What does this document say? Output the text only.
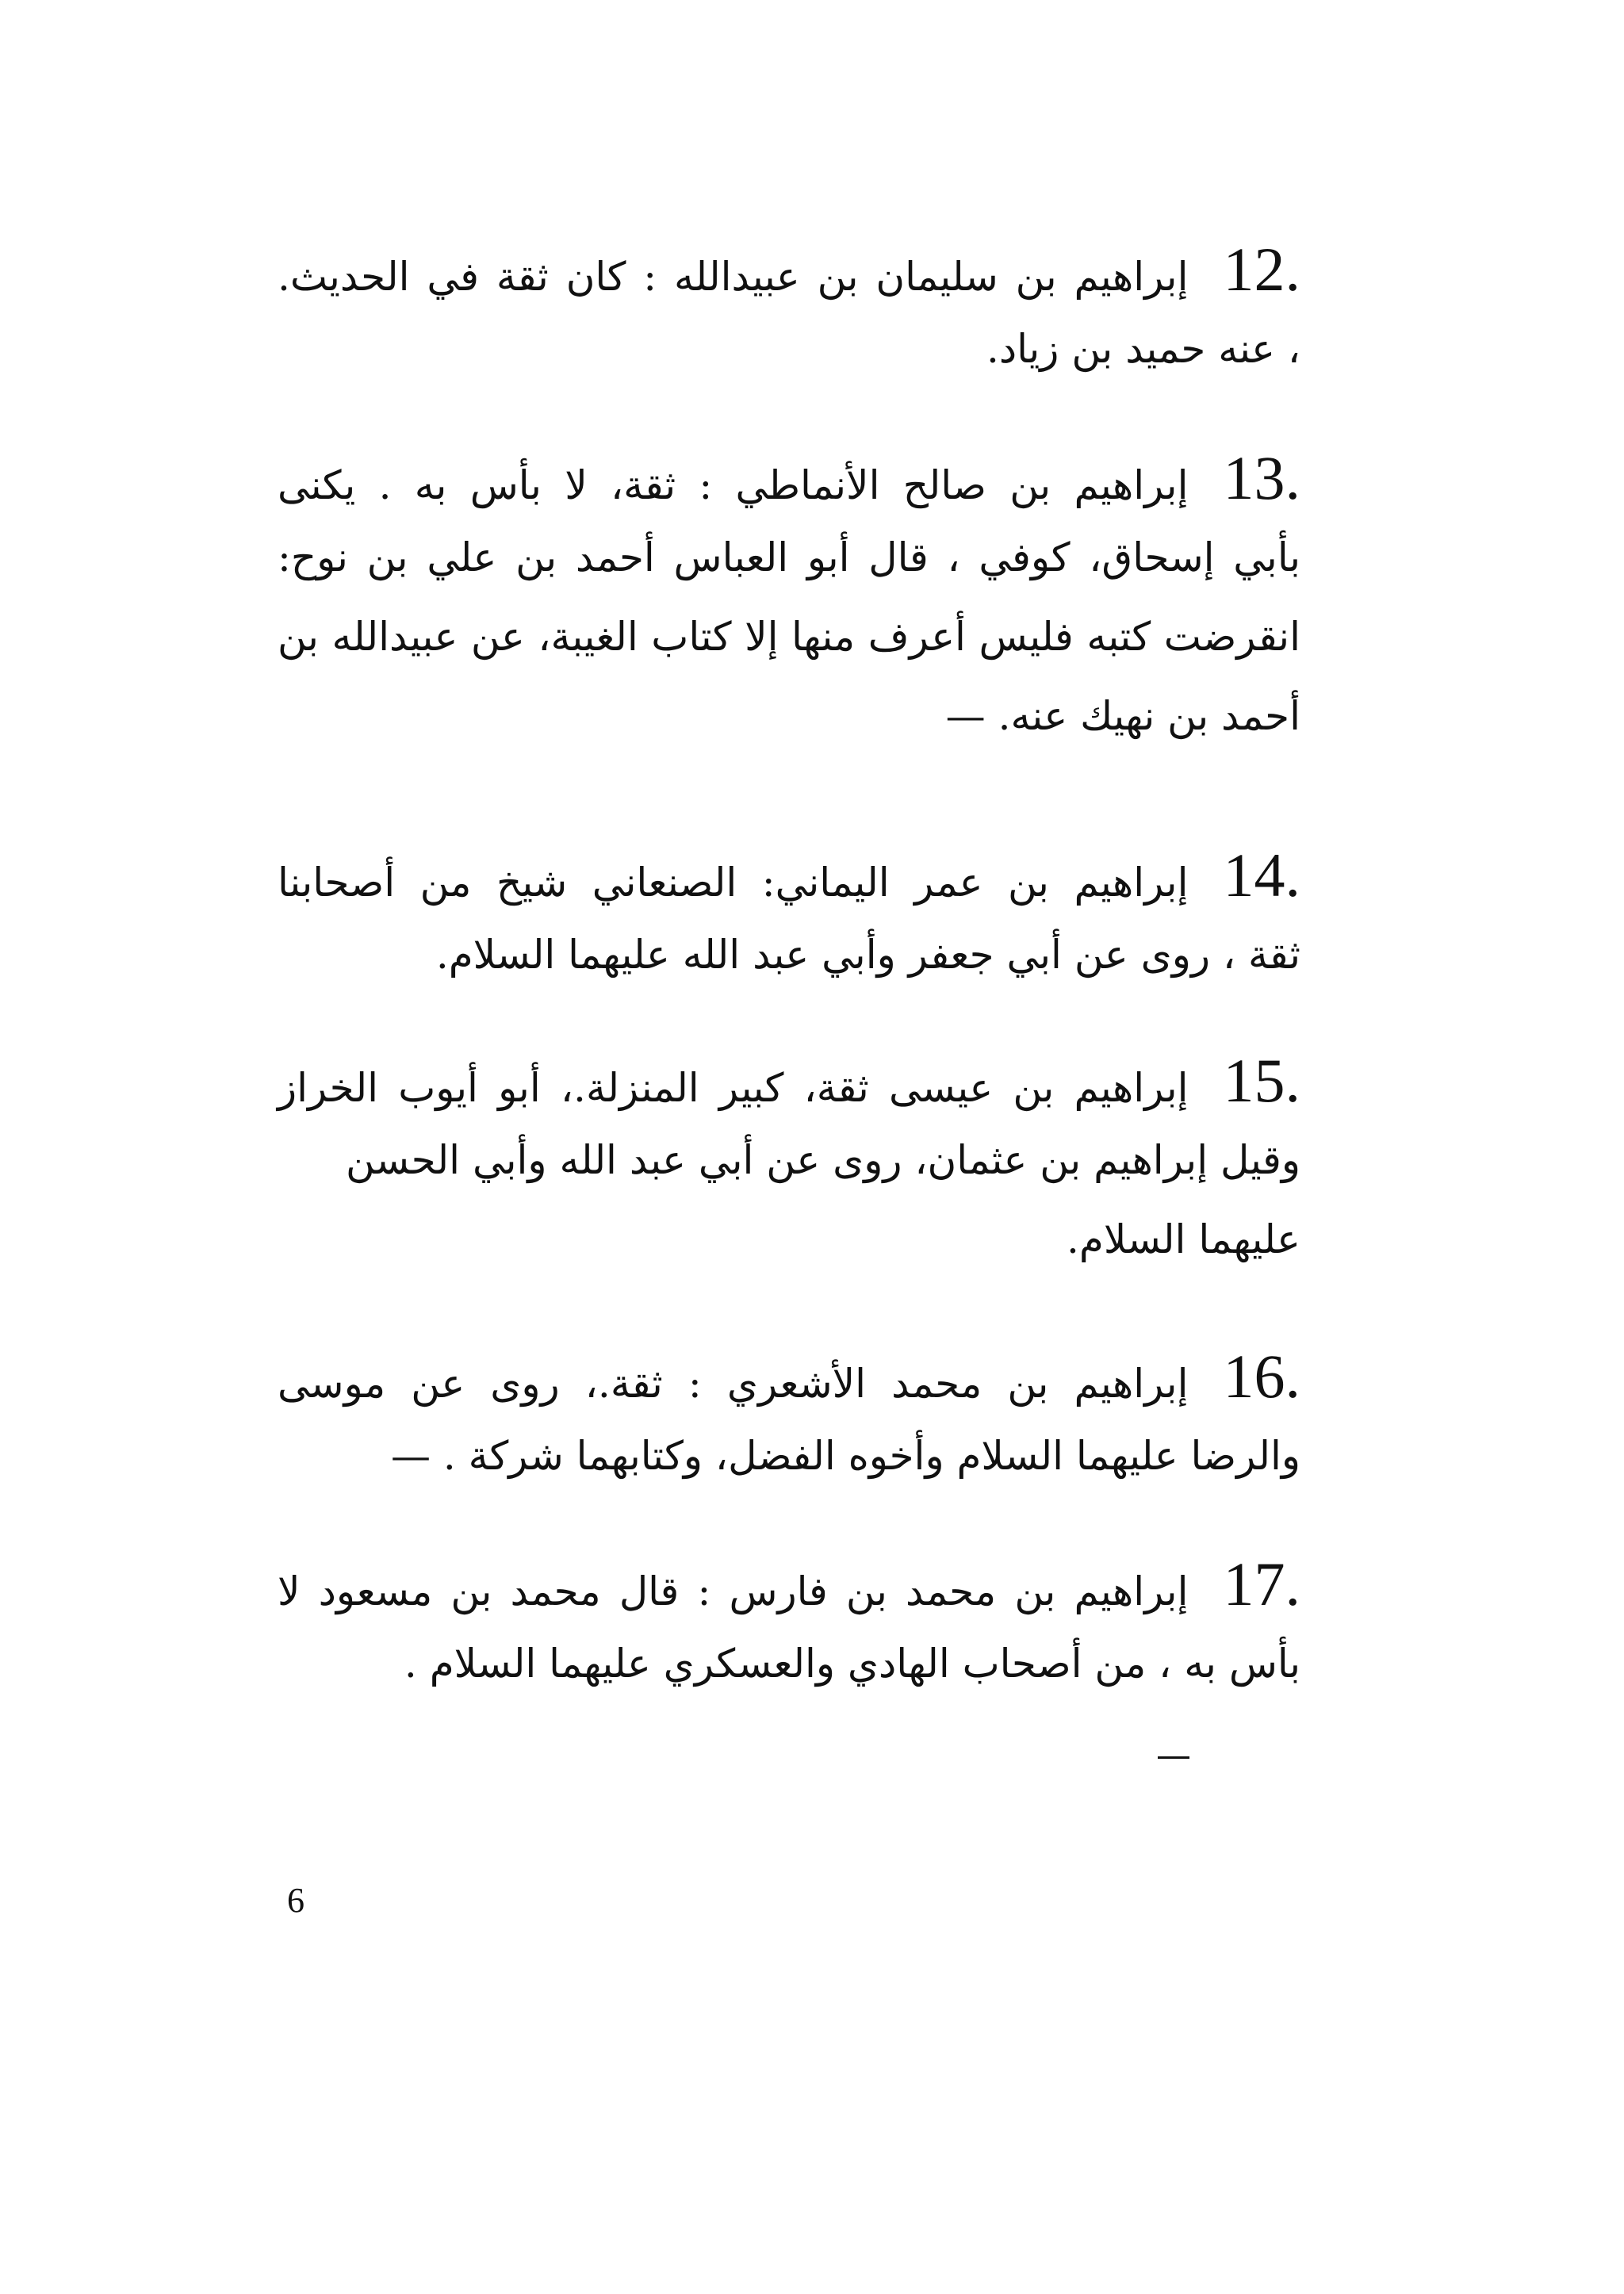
12.إبراهيم بن سليمان بن عبيدالله : كان ثقة في الحديث.
، عنه حميد بن زياد.
13.إبراهيم بن صالح الأنماطي : ثقة، لا بأس به . يكنى
بأبي إسحاق، كوفي ، قال أبو العباس أحمد بن علي بن نوح:
انقرضت كتبه فليس أعرف منها إلا كتاب الغيبة، عن عبيدالله بن
أحمد بن نهيك عنه. —
14.إبراهيم بن عمر اليماني: الصنعاني شيخ من أصحابنا
ثقة ، روى عن أبي جعفر وأبي عبد الله عليهما السلام.
15.إبراهيم بن عيسى ثقة، كبير المنزلة.، أبو أيوب الخراز
وقيل إبراهيم بن عثمان، روى عن أبي عبد الله وأبي الحسن
عليهما السلام.
16.إبراهيم بن محمد الأشعري : ثقة.، روى عن موسى
والرضا عليهما السلام وأخوه الفضل، وكتابهما شركة . —
17.إبراهيم بن محمد بن فارس : قال محمد بن مسعود لا
بأس به ، من أصحاب الهادي والعسكري عليهما السلام .
6
